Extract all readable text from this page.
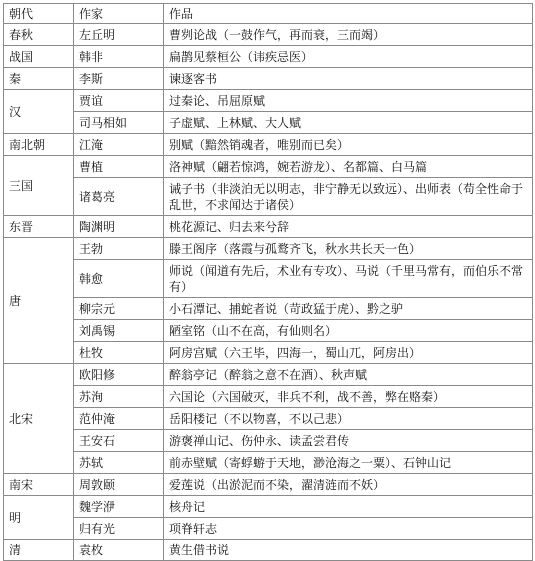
朝代	作家	作品
春秋	左丘明	曹刿论战（一鼓作气，再而衰，三而竭）
战国	韩非	扁鹊见蔡桓公（讳疾忌医）
秦	李斯	谏逐客书
汉	贾谊	过秦论、吊屈原赋
	司马相如	子虚赋、上林赋、大人赋
南北朝	江淹	别赋（黯然销魂者，唯别而已矣）
三国	曹植	洛神赋（翩若惊鸿，婉若游龙）、名都篇、白马篇
	诸葛亮	诫子书（非淡泊无以明志，非宁静无以致远）、出师表（苟全性命于乱世，不求闻达于诸侯）
东晋	陶渊明	桃花源记、归去来兮辞
唐	王勃	滕王阁序（落霞与孤鹜齐飞，秋水共长天一色）
	韩愈	师说（闻道有先后，术业有专攻）、马说（千里马常有，而伯乐不常有）
	柳宗元	小石潭记、捕蛇者说（苛政猛于虎）、黔之驴
	刘禹锡	陋室铭（山不在高，有仙则名）
	杜牧	阿房宫赋（六王毕，四海一，蜀山兀，阿房出）
北宋	欧阳修	醉翁亭记（醉翁之意不在酒）、秋声赋
	苏洵	六国论（六国破灭，非兵不利，战不善，弊在赂秦）
	范仲淹	岳阳楼记（不以物喜，不以己悲）
	王安石	游褒禅山记、伤仲永、读孟尝君传
	苏轼	前赤壁赋（寄蜉蝣于天地，渺沧海之一粟）、石钟山记
南宋	周敦颐	爱莲说（出淤泥而不染，濯清涟而不妖）
明	魏学洢	核舟记
	归有光	项脊轩志
清	袁枚	黄生借书说
